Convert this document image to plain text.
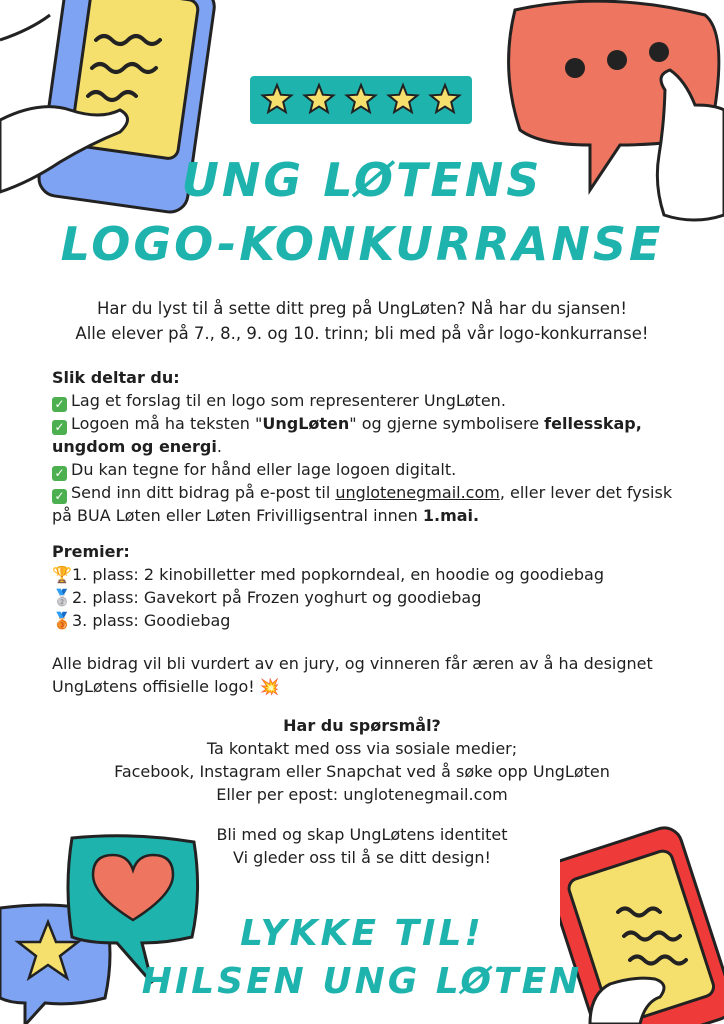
UNG LØTENS
LOGO-KONKURRANSE
Har du lyst til å sette ditt preg på UngLøten? Nå har du sjansen!
Alle elever på 7., 8., 9. og 10. trinn; bli med på vår logo-konkurranse!
Slik deltar du:
✓ Lag et forslag til en logo som representerer UngLøten.
✓ Logoen må ha teksten "UngLøten" og gjerne symbolisere fellesskap, ungdom og energi.
✓ Du kan tegne for hånd eller lage logoen digitalt.
✓ Send inn ditt bidrag på e-post til unglotenegmail.com, eller lever det fysisk på BUA Løten eller Løten Frivilligsentral innen 1.mai.
Premier:
🏆1. plass: 2 kinobilletter med popkorndeal, en hoodie og goodiebag
🥈2. plass: Gavekort på Frozen yoghurt og goodiebag
🥉3. plass: Goodiebag
Alle bidrag vil bli vurdert av en jury, og vinneren får æren av å ha designet UngLøtens offisielle logo! 💥
Har du spørsmål?
Ta kontakt med oss via sosiale medier;
Facebook, Instagram eller Snapchat ved å søke opp UngLøten
Eller per epost: unglotenegmail.com
Bli med og skap UngLøtens identitet
Vi gleder oss til å se ditt design!
LYKKE TIL!
HILSEN UNG LØTEN
